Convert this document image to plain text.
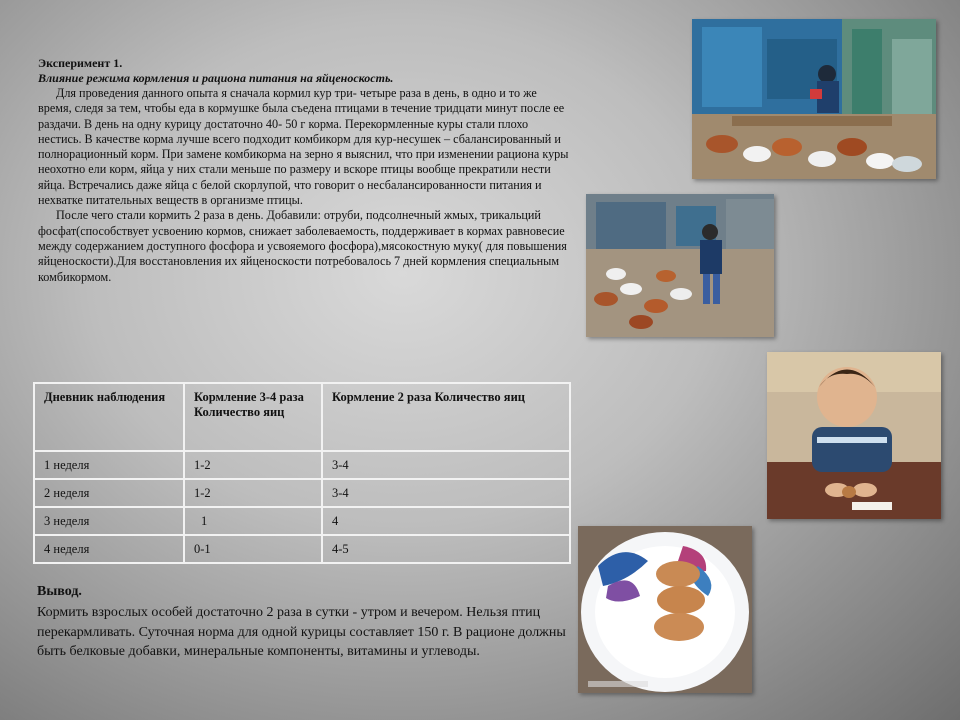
Эксперимент 1.
Влияние режима кормления и рациона питания на яйценоскость.

Для проведения данного опыта я сначала кормил кур три- четыре раза в день, в одно и то же время, следя за тем, чтобы еда в кормушке была съедена птицами в течение тридцати минут после ее раздачи. В день на одну курицу достаточно 40- 50 г корма. Перекормленные куры стали плохо нестись. В качестве корма лучше всего подходит комбикорм для кур-несушек – сбалансированный и полнорационный корм. При замене комбикорма на зерно я выяснил, что при изменении рациона куры неохотно ели корм, яйца у них стали меньше по размеру и вскоре птицы вообще прекратили нести яйца. Встречались даже яйца с белой скорлупой, что говорит о несбалансированности питания и нехватке питательных веществ в организме птицы.

После чего стали кормить 2 раза в день. Добавили: отруби, подсолнечный жмых, трикальций фосфат(способствует усвоению кормов, снижает заболеваемость, поддерживает в кормах равновесие между содержанием доступного фосфора и усвояемого фосфора),мясокостную муку( для повышения яйценоскости).Для восстановления их яйценоскости потребовалось 7 дней кормления специальным комбикормом.

Дневник наблюдения	Кормление 3-4 раза Количество яиц	Кормление 2 раза Количество яиц
1 неделя	1-2	3-4
2 неделя	1-2	3-4
3 неделя	1	4
4 неделя	0-1	4-5
Вывод.

Кормить взрослых особей достаточно 2 раза в сутки - утром и вечером. Нельзя птиц перекармливать. Суточная норма для одной курицы составляет 150 г. В рационе должны быть белковые добавки, минеральные компоненты, витамины и углеводы.
